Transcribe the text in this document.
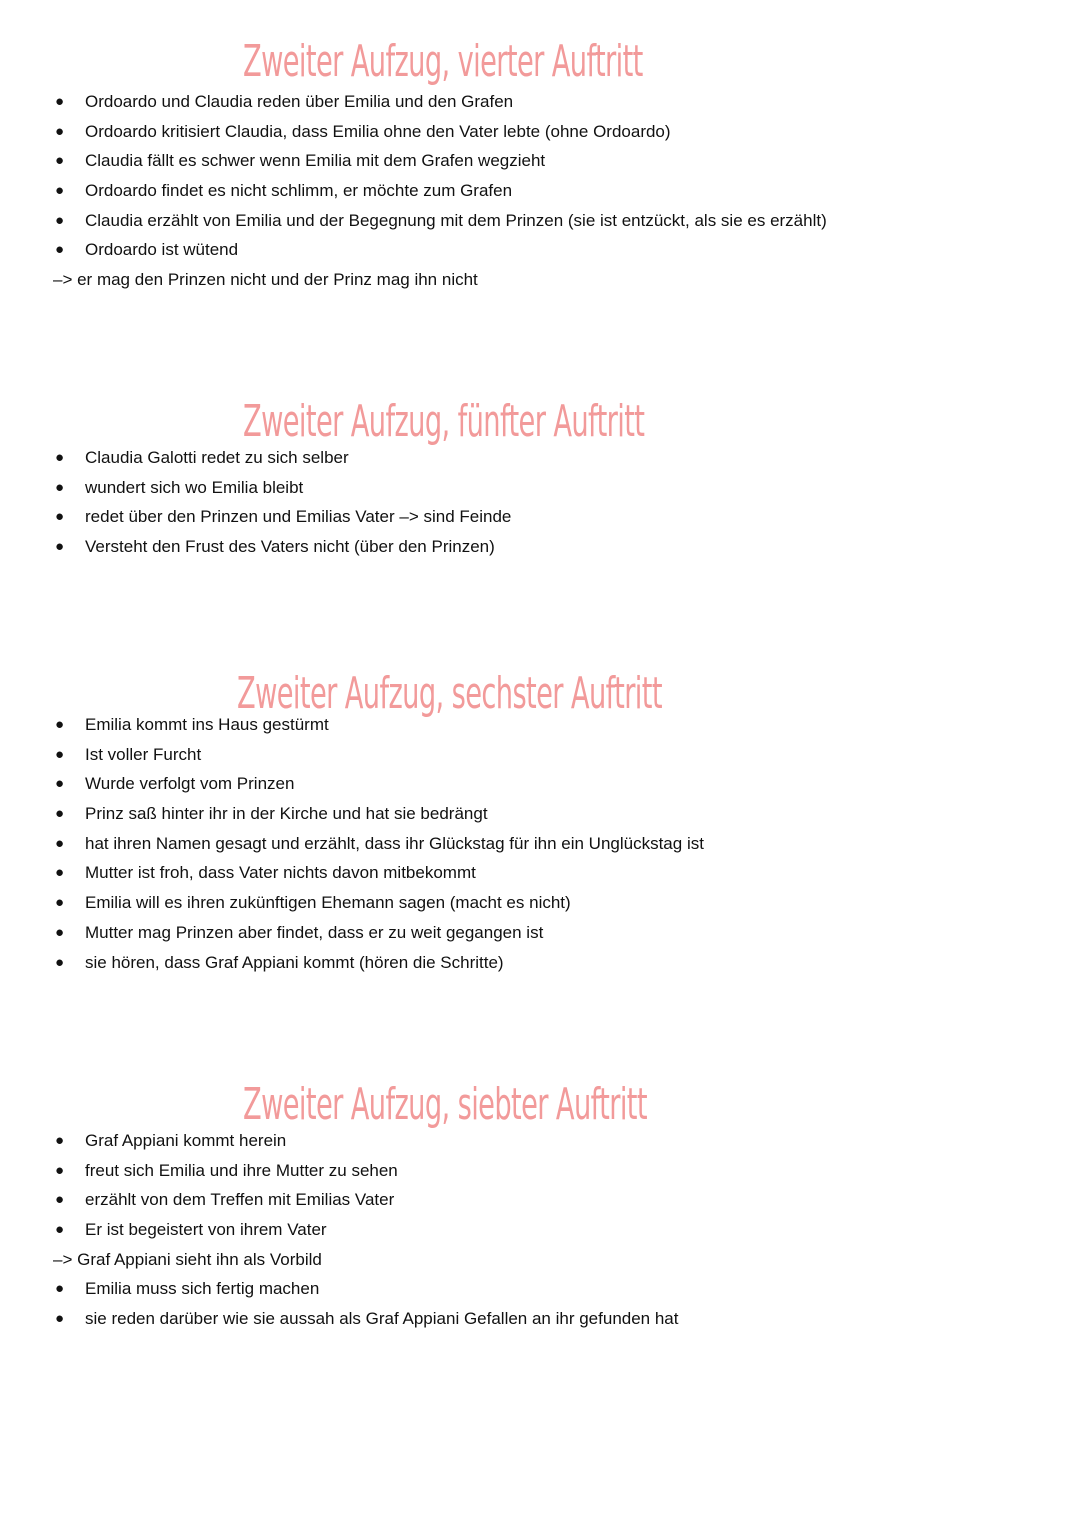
Zweiter Aufzug, vierter Auftritt
● Ordoardo und Claudia reden über Emilia und den Grafen
● Ordoardo kritisiert Claudia, dass Emilia ohne den Vater lebte (ohne Ordoardo)
● Claudia fällt es schwer wenn Emilia mit dem Grafen wegzieht
● Ordoardo findet es nicht schlimm, er möchte zum Grafen
● Claudia erzählt von Emilia und der Begegnung mit dem Prinzen (sie ist entzückt, als sie es erzählt)
● Ordoardo ist wütend
–> er mag den Prinzen nicht und der Prinz mag ihn nicht
Zweiter Aufzug, fünfter Auftritt
● Claudia Galotti redet zu sich selber
● wundert sich wo Emilia bleibt
● redet über den Prinzen und Emilias Vater –> sind Feinde
● Versteht den Frust des Vaters nicht (über den Prinzen)
Zweiter Aufzug, sechster Auftritt
● Emilia kommt ins Haus gestürmt
● Ist voller Furcht
● Wurde verfolgt vom Prinzen
● Prinz saß hinter ihr in der Kirche und hat sie bedrängt
● hat ihren Namen gesagt und erzählt, dass ihr Glückstag für ihn ein Unglückstag ist
● Mutter ist froh, dass Vater nichts davon mitbekommt
● Emilia will es ihren zukünftigen Ehemann sagen (macht es nicht)
● Mutter mag Prinzen aber findet, dass er zu weit gegangen ist
● sie hören, dass Graf Appiani kommt (hören die Schritte)
Zweiter Aufzug, siebter Auftritt
● Graf Appiani kommt herein
● freut sich Emilia und ihre Mutter zu sehen
● erzählt von dem Treffen mit Emilias Vater
● Er ist begeistert von ihrem Vater
–> Graf Appiani sieht ihn als Vorbild
● Emilia muss sich fertig machen
● sie reden darüber wie sie aussah als Graf Appiani Gefallen an ihr gefunden hat
